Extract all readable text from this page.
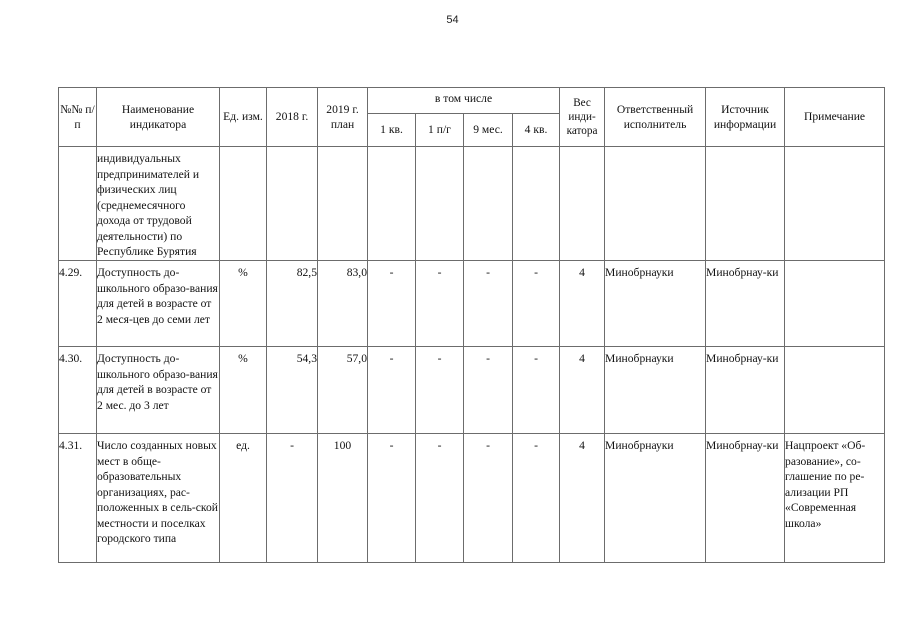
54
№№ п/п	Наименование индикатора	Ед. изм.	2018 г.	2019 г. план	в том числе				Вес инди-катора	Ответственный исполнитель	Источник информации	Примечание
					1 кв.	1 п/г	9 мес.	4 кв.				
	индивидуальных предпринимателей и физических лиц (среднемесячного дохода от трудовой деятельности) по Республике Бурятия											
4.29.	Доступность до-школьного образо-вания для детей в возрасте от 2 меся-цев до семи лет	%	82,5	83,0	-	-	-	-	4	Минобрнауки	Минобрнау-ки	
4.30.	Доступность до-школьного образо-вания для детей в возрасте от 2 мес. до 3 лет	%	54,3	57,0	-	-	-	-	4	Минобрнауки	Минобрнау-ки	
4.31.	Число созданных новых мест в обще-образовательных организациях, рас-положенных в сель-ской местности и поселках городского типа	ед.	-	100	-	-	-	-	4	Минобрнауки	Минобрнау-ки	Нацпроект «Об-разование», со-глашение по ре-ализации РП «Современная школа»
